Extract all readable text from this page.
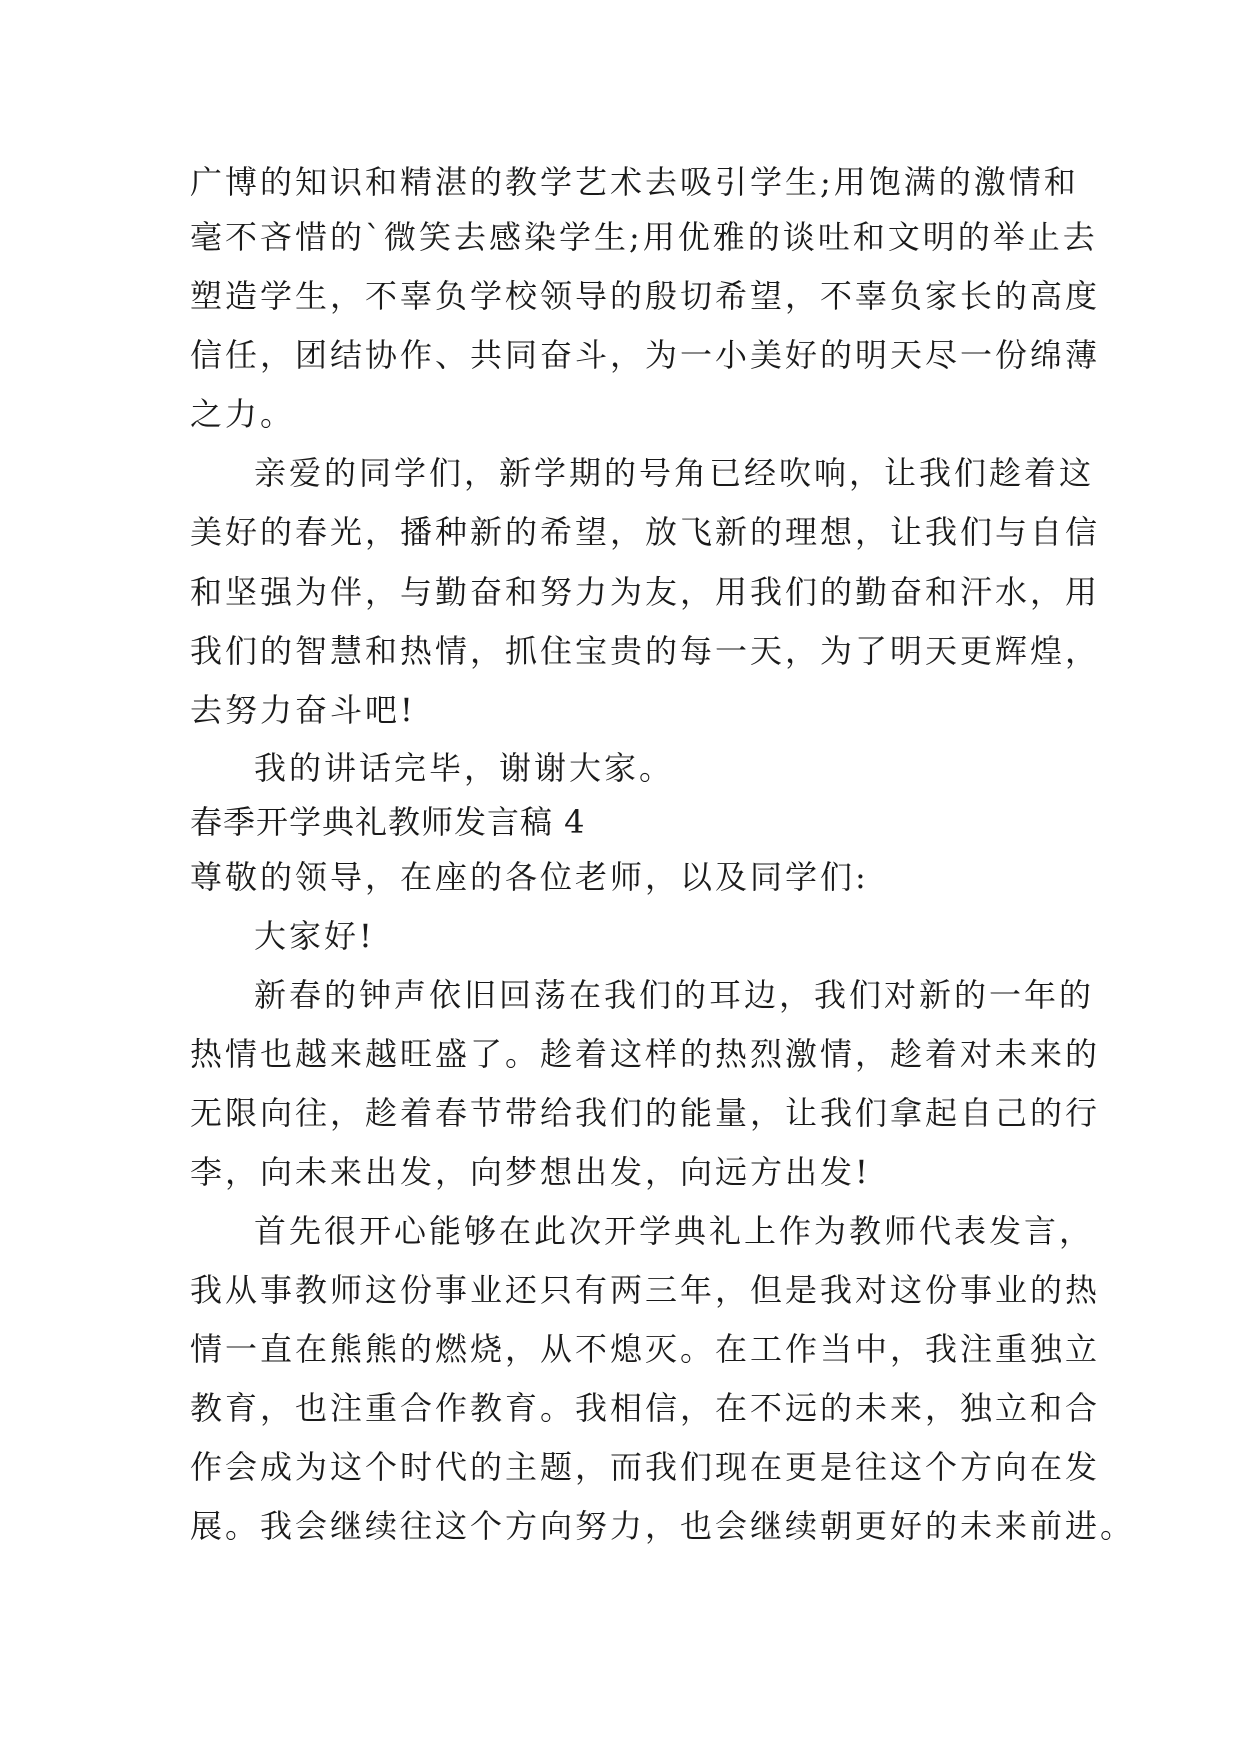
广博的知识和精湛的教学艺术去吸引学生;用饱满的激情和
毫不吝惜的`微笑去感染学生;用优雅的谈吐和文明的举止去
塑造学生，不辜负学校领导的殷切希望，不辜负家长的高度
信任，团结协作、共同奋斗，为一小美好的明天尽一份绵薄
之力。
亲爱的同学们，新学期的号角已经吹响，让我们趁着这
美好的春光，播种新的希望，放飞新的理想，让我们与自信
和坚强为伴，与勤奋和努力为友，用我们的勤奋和汗水，用
我们的智慧和热情，抓住宝贵的每一天，为了明天更辉煌，
去努力奋斗吧!
我的讲话完毕，谢谢大家。
春季开学典礼教师发言稿 4
尊敬的领导，在座的各位老师，以及同学们:
大家好!
新春的钟声依旧回荡在我们的耳边，我们对新的一年的
热情也越来越旺盛了。趁着这样的热烈激情，趁着对未来的
无限向往，趁着春节带给我们的能量，让我们拿起自己的行
李，向未来出发，向梦想出发，向远方出发!
首先很开心能够在此次开学典礼上作为教师代表发言，
我从事教师这份事业还只有两三年，但是我对这份事业的热
情一直在熊熊的燃烧，从不熄灭。在工作当中，我注重独立
教育，也注重合作教育。我相信，在不远的未来，独立和合
作会成为这个时代的主题，而我们现在更是往这个方向在发
展。我会继续往这个方向努力，也会继续朝更好的未来前进。
